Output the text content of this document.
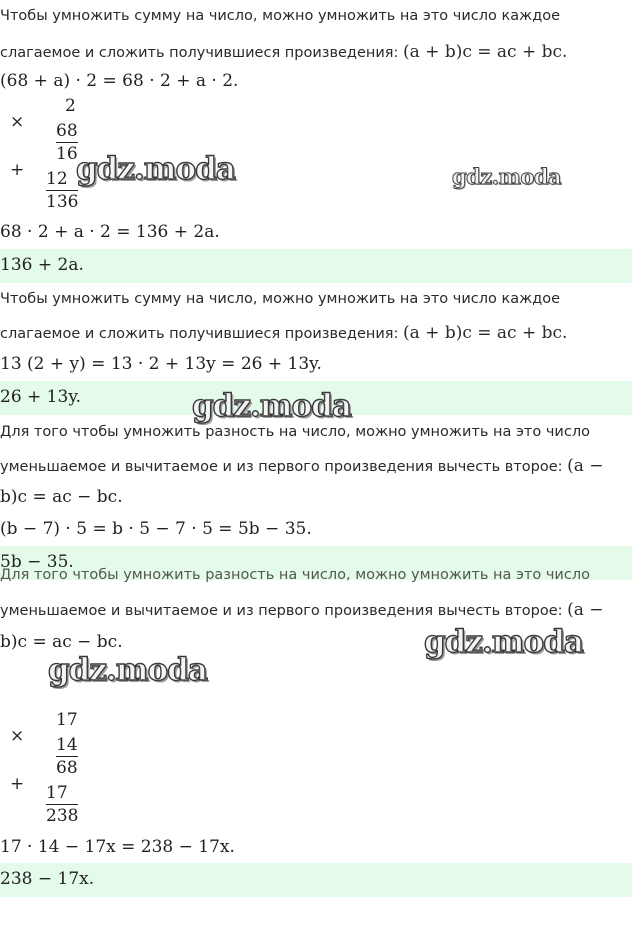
Чтобы умножить сумму на число, можно умножить на это число каждое
слагаемое и сложить получившиеся произведения: (a + b)c = ac + bc.
(68 + a) · 2 = 68 · 2 + a · 2.
×
2
68
16
+ 12
136
68 · 2 + a · 2 = 136 + 2a.
136 + 2a.
Чтобы умножить сумму на число, можно умножить на это число каждое
слагаемое и сложить получившиеся произведения: (a + b)c = ac + bc.
13 (2 + y) = 13 · 2 + 13y = 26 + 13y.
26 + 13y.
Для того чтобы умножить разность на число, можно умножить на это число
уменьшаемое и вычитаемое и из первого произведения вычесть второе: (a −
b)c = ac − bc.
(b − 7) · 5 = b · 5 − 7 · 5 = 5b − 35.
5b − 35.
Для того чтобы умножить разность на число, можно умножить на это число
уменьшаемое и вычитаемое и из первого произведения вычесть второе: (a −
b)c = ac − bc.
×
17
14
68
+ 17
238
17 · 14 − 17x = 238 − 17x.
238 − 17x.
gdz.moda	gdz.moda
gdz.moda
gdz.moda
gdz.moda
